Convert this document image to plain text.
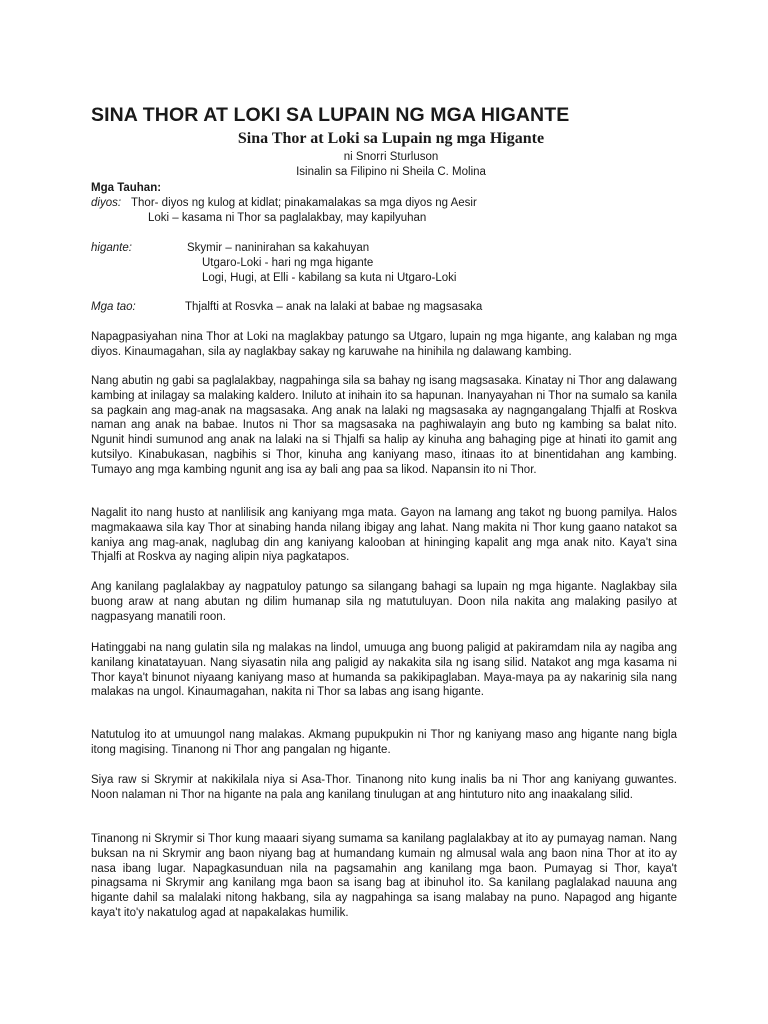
SINA THOR AT LOKI SA LUPAIN NG MGA HIGANTE
Sina Thor at Loki sa Lupain ng mga Higante
ni Snorri Sturluson
Isinalin sa Filipino ni Sheila C. Molina
Mga Tauhan:
diyos: Thor- diyos ng kulog at kidlat; pinakamalakas sa mga diyos ng Aesir
Loki – kasama ni Thor sa paglalakbay, may kapilyuhan
higante:	Skymir – naninirahan sa kakahuyan
Utgaro-Loki - hari ng mga higante
Logi, Hugi, at Elli - kabilang sa kuta ni Utgaro-Loki
Mga tao:	Thjalfti at Rosvka – anak na lalaki at babae ng magsasaka

Napagpasiyahan nina Thor at Loki na maglakbay patungo sa Utgaro, lupain ng mga higante, ang kalaban ng mga diyos. Kinaumagahan, sila ay naglakbay sakay ng karuwahe na hinihila ng dalawang kambing.

Nang abutin ng gabi sa paglalakbay, nagpahinga sila sa bahay ng isang magsasaka. Kinatay ni Thor ang dalawang kambing at inilagay sa malaking kaldero. Iniluto at inihain ito sa hapunan. Inanyayahan ni Thor na sumalo sa kanila sa pagkain ang mag-anak na magsasaka. Ang anak na lalaki ng magsasaka ay nagngangalang Thjalfi at Roskva naman ang anak na babae. Inutos ni Thor sa magsasaka na paghiwalayin ang buto ng kambing sa balat nito. Ngunit hindi sumunod ang anak na lalaki na si Thjalfi sa halip ay kinuha ang bahaging pige at hinati ito gamit ang kutsilyo. Kinabukasan, nagbihis si Thor, kinuha ang kaniyang maso, itinaas ito at binentidahan ang kambing. Tumayo ang mga kambing ngunit ang isa ay bali ang paa sa likod. Napansin ito ni Thor.

Nagalit ito nang husto at nanlilisik ang kaniyang mga mata. Gayon na lamang ang takot ng buong pamilya. Halos magmakaawa sila kay Thor at sinabing handa nilang ibigay ang lahat. Nang makita ni Thor kung gaano natakot sa kaniya ang mag-anak, naglubag din ang kaniyang kalooban at hininging kapalit ang mga anak nito. Kaya't sina Thjalfi at Roskva ay naging alipin niya pagkatapos.

Ang kanilang paglalakbay ay nagpatuloy patungo sa silangang bahagi sa lupain ng mga higante. Naglakbay sila buong araw at nang abutan ng dilim humanap sila ng matutuluyan. Doon nila nakita ang malaking pasilyo at nagpasyang manatili roon.

Hatinggabi na nang gulatin sila ng malakas na lindol, umuuga ang buong paligid at pakiramdam nila ay nagiba ang kanilang kinatatayuan. Nang siyasatin nila ang paligid ay nakakita sila ng isang silid. Natakot ang mga kasama ni Thor kaya't binunot niyaang kaniyang maso at humanda sa pakikipaglaban. Maya-maya pa ay nakarinig sila nang malakas na ungol. Kinaumagahan, nakita ni Thor sa labas ang isang higante.

Natutulog ito at umuungol nang malakas. Akmang pupukpukin ni Thor ng kaniyang maso ang higante nang bigla itong magising. Tinanong ni Thor ang pangalan ng higante.

Siya raw si Skrymir at nakikilala niya si Asa-Thor. Tinanong nito kung inalis ba ni Thor ang kaniyang guwantes. Noon nalaman ni Thor na higante na pala ang kanilang tinulugan at ang hintuturo nito ang inaakalang silid.

Tinanong ni Skrymir si Thor kung maaari siyang sumama sa kanilang paglalakbay at ito ay pumayag naman. Nang buksan na ni Skrymir ang baon niyang bag at humandang kumain ng almusal wala ang baon nina Thor at ito ay nasa ibang lugar. Napagkasunduan nila na pagsamahin ang kanilang mga baon. Pumayag si Thor, kaya't pinagsama ni Skrymir ang kanilang mga baon sa isang bag at ibinuhol ito. Sa kanilang paglalakad nauuna ang higante dahil sa malalaki nitong hakbang, sila ay nagpahinga sa isang malabay na puno. Napagod ang higante kaya't ito'y nakatulog agad at napakalakas humilik.
